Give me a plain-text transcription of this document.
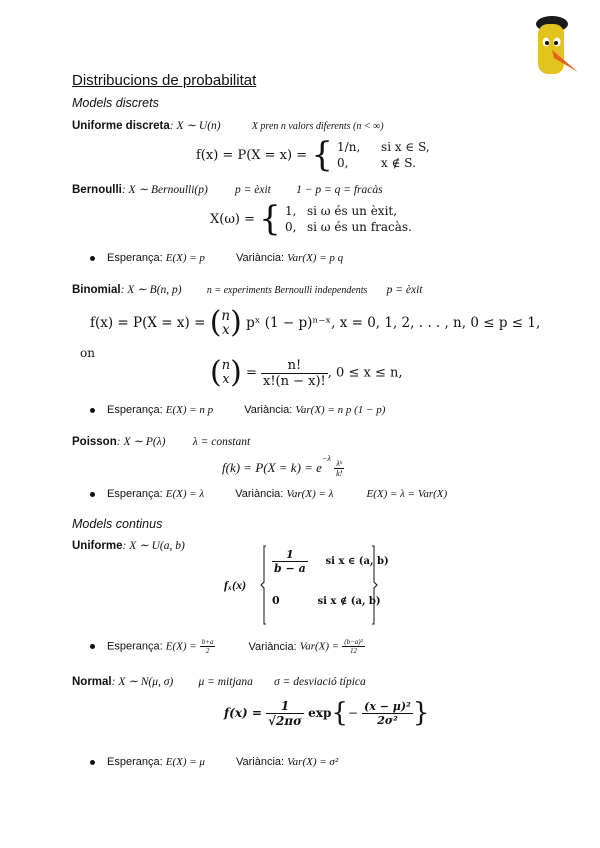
Distribucions de probabilitat
Models discrets
Uniforme discreta: X ∼ U(n)	X pren n valors diferents (n < ∞)
f(x) = P(X = x) = { 1/n, si x ∈ S,
0,	x ∉ S.
Bernoulli: X ∼ Bernoulli(p) p = èxit 1 − p = q = fracàs
X(ω) = { 1, si ω és un èxit,
0, si ω és un fracàs.
Esperança: E(X) = p	Variància: Var(X) = p q
Binomial: X ∼ B(n, p)	n = experiments Bernoulli independents p = èxit
f(x) = P(X = x) = ( n
x ) pˣ (1 − p)ⁿ⁻ˣ, x = 0, 1, 2, . . . , n, 0 ≤ p ≤ 1,
on
( n
x ) = $\frac{n!}{x!(n - x)!}$ , 0 ≤ x ≤ n,
Esperança: E(X) = n p	Variància: Var(X) = n p (1 − p)
Poisson: X ∼ P(λ) λ = constant
$f(k) = P(X = k) = e^{-\lambda}$
$\frac{\text{λᵏ}}{k!}$
Esperança: E(X) = λ	Variància: Var(X) = λ	E(X) = λ = Var(X)
Models continus
Uniforme: X ∼ U(a, b)
fₓ(x)
$\frac{1}{b - a}$ si x ∈ (a, b)
0	si x ∉ (a, b)
Esperança: $E(X) = \frac{b+a}{2}$	Variància: $Var(X) = \frac{\text{(b−a)²}}{12}$
Normal: X ∼ N(μ, σ) μ = mitjana σ = desviació típica
$f(x) = \frac{1}{√2\pi\sigma} \exp\{- \frac{\text{(x − μ)²}}{\text{2σ²}}$ }
Esperança: E(X) = μ	Variància: Var(X) = σ²
